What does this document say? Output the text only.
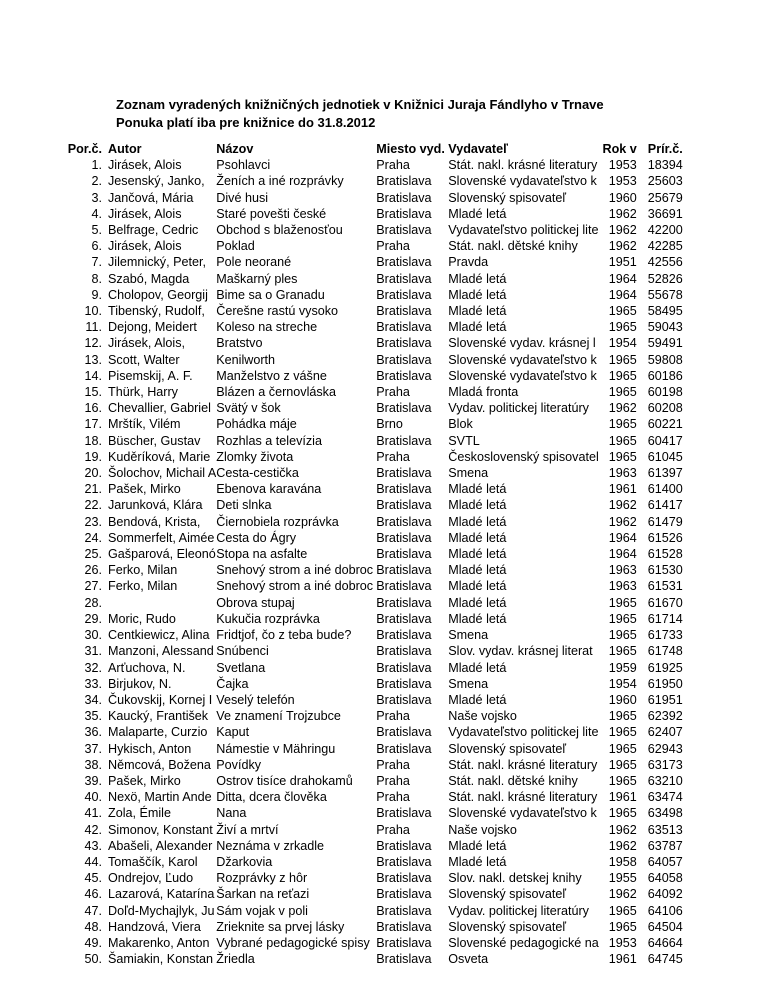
Zoznam vyradených knižničných jednotiek v Knižnici Juraja Fándlyho v Trnave
Ponuka platí iba pre knižnice do 31.8.2012
Por.č.	Autor	Názov	Miesto vyd.	Vydavateľ	Rok v	Prír.č.
1.	Jirásek, Alois	Psohlavci	Praha	Stát. nakl. krásné literatury	1953	18394
2.	Jesenský, Janko,	Ženích a iné rozprávky	Bratislava	Slovenské vydavateľstvo k	1953	25603
3.	Jančová, Mária	Divé husi	Bratislava	Slovenský spisovateľ	1960	25679
4.	Jirásek, Alois	Staré povešti české	Bratislava	Mladé letá	1962	36691
5.	Belfrage, Cedric	Obchod s blaženosťou	Bratislava	Vydavateľstvo politickej lite	1962	42200
6.	Jirásek, Alois	Poklad	Praha	Stát. nakl. dětské knihy	1962	42285
7.	Jilemnický, Peter,	Pole neorané	Bratislava	Pravda	1951	42556
8.	Szabó, Magda	Maškarný ples	Bratislava	Mladé letá	1964	52826
9.	Cholopov, Georgij	Bime sa o Granadu	Bratislava	Mladé letá	1964	55678
10.	Tibenský, Rudolf,	Čerešne rastú vysoko	Bratislava	Mladé letá	1965	58495
11.	Dejong, Meidert	Koleso na streche	Bratislava	Mladé letá	1965	59043
12.	Jirásek, Alois,	Bratstvo	Bratislava	Slovenské vydav. krásnej l	1954	59491
13.	Scott, Walter	Kenilworth	Bratislava	Slovenské vydavateľstvo k	1965	59808
14.	Pisemskij, A. F.	Manželstvo z vášne	Bratislava	Slovenské vydavateľstvo k	1965	60186
15.	Thürk, Harry	Blázen a černovláska	Praha	Mladá fronta	1965	60198
16.	Chevallier, Gabriel	Svätý v šok	Bratislava	Vydav. politickej literatúry	1962	60208
17.	Mrštík, Vilém	Pohádka máje	Brno	Blok	1965	60221
18.	Büscher, Gustav	Rozhlas a televízia	Bratislava	SVTL	1965	60417
19.	Kuděríková, Marie	Zlomky života	Praha	Československý spisovatel	1965	61045
20.	Šolochov, Michail A	Cesta-cestička	Bratislava	Smena	1963	61397
21.	Pašek, Mirko	Ebenova karavána	Bratislava	Mladé letá	1961	61400
22.	Jarunková, Klára	Deti slnka	Bratislava	Mladé letá	1962	61417
23.	Bendová, Krista,	Čiernobiela rozprávka	Bratislava	Mladé letá	1962	61479
24.	Sommerfelt, Aimée	Cesta do Ágry	Bratislava	Mladé letá	1964	61526
25.	Gašparová, Eleonó	Stopa na asfalte	Bratislava	Mladé letá	1964	61528
26.	Ferko, Milan	Snehový strom a iné dobroc	Bratislava	Mladé letá	1963	61530
27.	Ferko, Milan	Snehový strom a iné dobroc	Bratislava	Mladé letá	1963	61531
28.		Obrova stupaj	Bratislava	Mladé letá	1965	61670
29.	Moric, Rudo	Kukučia rozprávka	Bratislava	Mladé letá	1965	61714
30.	Centkiewicz, Alina	Fridtjof, čo z teba bude?	Bratislava	Smena	1965	61733
31.	Manzoni, Alessand	Snúbenci	Bratislava	Slov. vydav. krásnej literat	1965	61748
32.	Arťuchova, N.	Svetlana	Bratislava	Mladé letá	1959	61925
33.	Birjukov, N.	Čajka	Bratislava	Smena	1954	61950
34.	Čukovskij, Kornej I	Veselý telefón	Bratislava	Mladé letá	1960	61951
35.	Kaucký, František	Ve znamení Trojzubce	Praha	Naše vojsko	1965	62392
36.	Malaparte, Curzio	Kaput	Bratislava	Vydavateľstvo politickej lite	1965	62407
37.	Hykisch, Anton	Námestie v Mähringu	Bratislava	Slovenský spisovateľ	1965	62943
38.	Němcová, Božena	Povídky	Praha	Stát. nakl. krásné literatury	1965	63173
39.	Pašek, Mirko	Ostrov tisíce drahokamů	Praha	Stát. nakl. dětské knihy	1965	63210
40.	Nexö, Martin Ande	Ditta, dcera člověka	Praha	Stát. nakl. krásné literatury	1961	63474
41.	Zola, Émile	Nana	Bratislava	Slovenské vydavateľstvo k	1965	63498
42.	Simonov, Konstant	Živí a mrtví	Praha	Naše vojsko	1962	63513
43.	Abašeli, Alexander	Neznáma v zrkadle	Bratislava	Mladé letá	1962	63787
44.	Tomaščík, Karol	Džarkovia	Bratislava	Mladé letá	1958	64057
45.	Ondrejov, Ľudo	Rozprávky z hôr	Bratislava	Slov. nakl. detskej knihy	1955	64058
46.	Lazarová, Katarína	Šarkan na reťazi	Bratislava	Slovenský spisovateľ	1962	64092
47.	Doľd-Mychajlyk, Ju	Sám vojak v poli	Bratislava	Vydav. politickej literatúry	1965	64106
48.	Handzová, Viera	Zrieknite sa prvej lásky	Bratislava	Slovenský spisovateľ	1965	64504
49.	Makarenko, Anton	Vybrané pedagogické spisy	Bratislava	Slovenské pedagogické na	1953	64664
50.	Šamiakin, Konstan	Žriedla	Bratislava	Osveta	1961	64745
